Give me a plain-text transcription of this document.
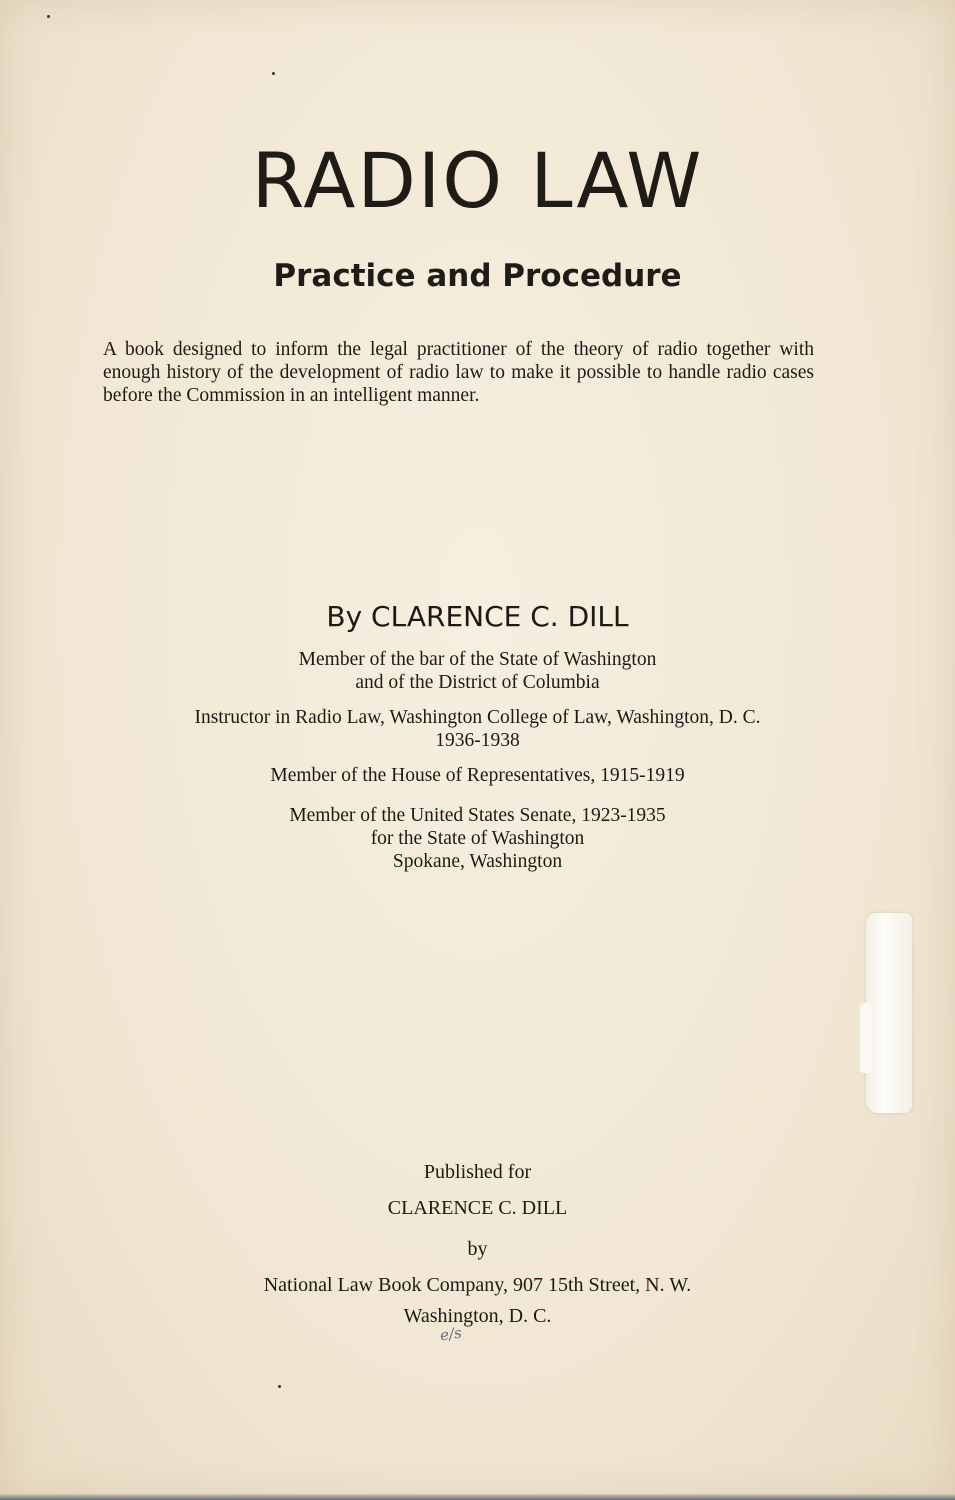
RADIO LAW
Practice and Procedure

A book designed to inform the legal practitioner of the theory of radio together with enough history of the development of radio law to make it possible to handle radio cases before the Commission in an intelligent manner.

By CLARENCE C. DILL

Member of the bar of the State of Washington
and of the District of Columbia

Instructor in Radio Law, Washington College of Law, Washington, D. C.
1936-1938

Member of the House of Representatives, 1915-1919

Member of the United States Senate, 1923-1935
for the State of Washington
Spokane, Washington

Published for

CLARENCE C. DILL

by

National Law Book Company, 907 15th Street, N. W.

Washington, D. C.

e/s
